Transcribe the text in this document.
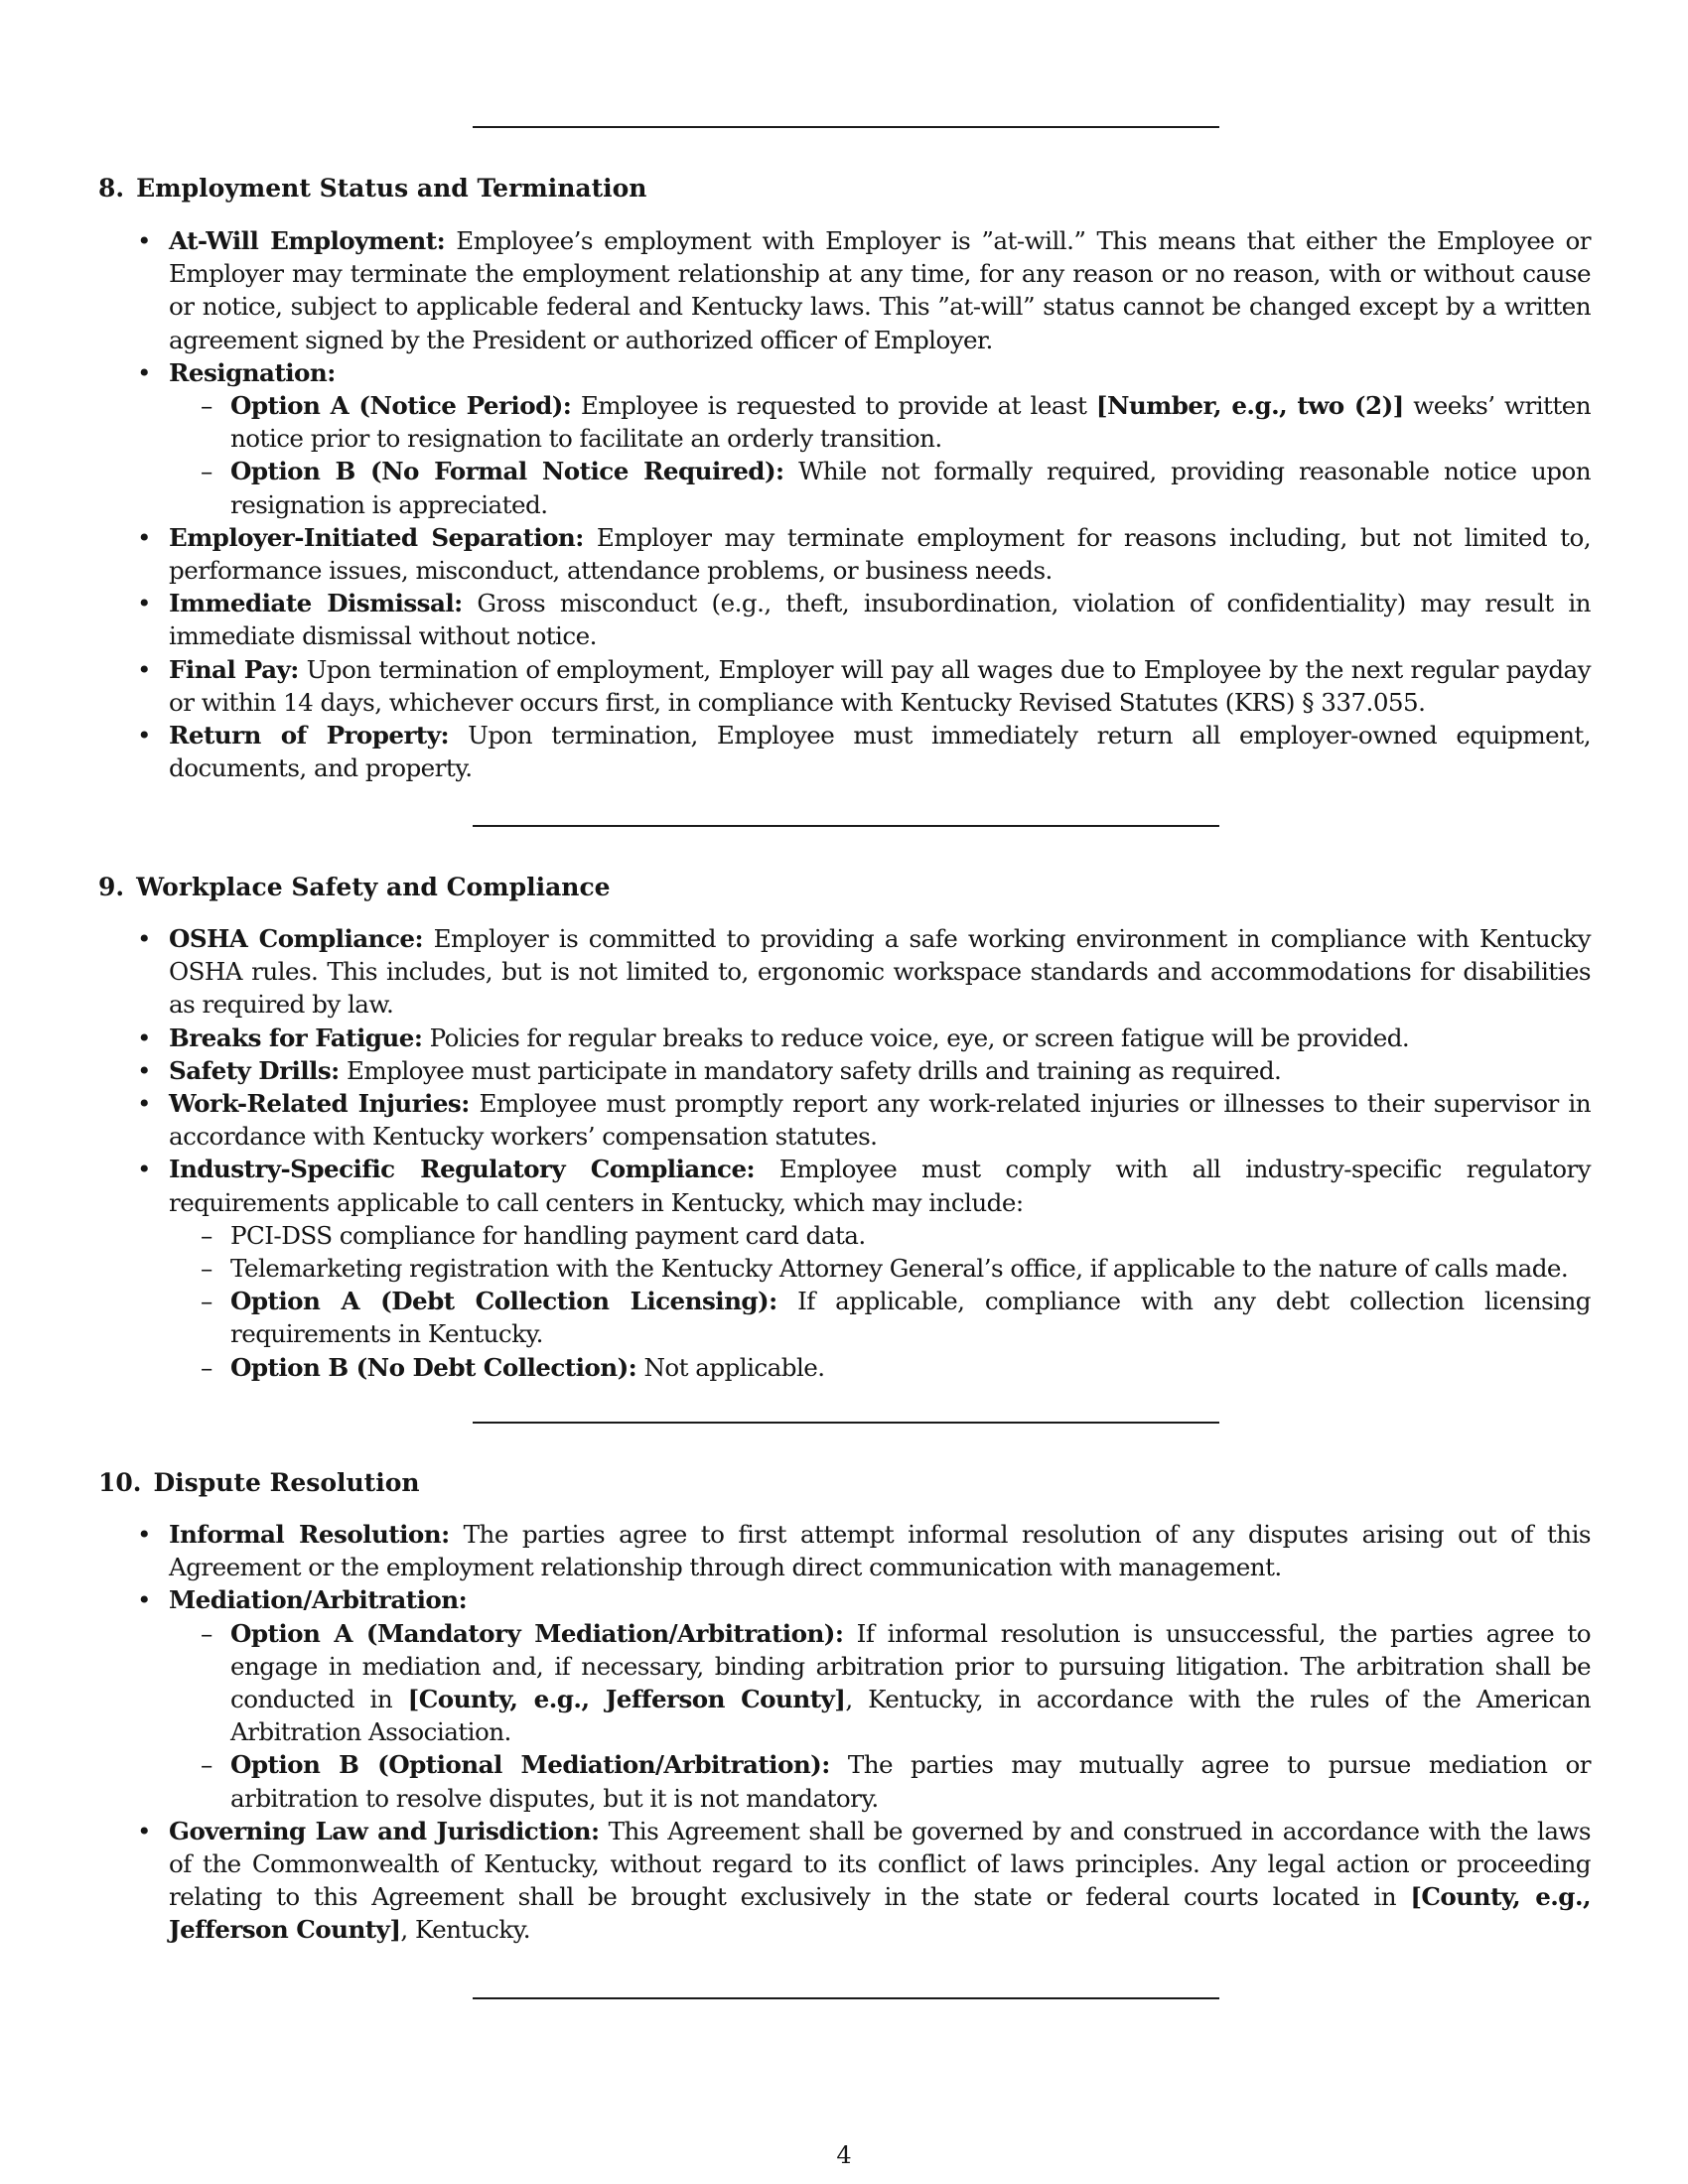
8. Employment Status and Termination
• At-Will Employment: Employee’s employment with Employer is ”at-will.” This means that either the Employee or Employer may terminate the employment relationship at any time, for any reason or no reason, with or without cause or notice, subject to applicable federal and Kentucky laws. This ”at-will” status cannot be changed except by a written agreement signed by the President or authorized officer of Employer.
• Resignation:
– Option A (Notice Period): Employee is requested to provide at least [Number, e.g., two (2)] weeks’ written notice prior to resignation to facilitate an orderly transition.
– Option B (No Formal Notice Required): While not formally required, providing reasonable notice upon resignation is appreciated.
• Employer-Initiated Separation: Employer may terminate employment for reasons including, but not limited to, performance issues, misconduct, attendance problems, or business needs.
• Immediate Dismissal: Gross misconduct (e.g., theft, insubordination, violation of confidentiality) may result in immediate dismissal without notice.
• Final Pay: Upon termination of employment, Employer will pay all wages due to Employee by the next regular payday or within 14 days, whichever occurs first, in compliance with Kentucky Revised Statutes (KRS) § 337.055.
• Return of Property: Upon termination, Employee must immediately return all employer-owned equipment, documents, and property.
9. Workplace Safety and Compliance
• OSHA Compliance: Employer is committed to providing a safe working environment in compliance with Kentucky OSHA rules. This includes, but is not limited to, ergonomic workspace standards and accommodations for disabilities as required by law.
• Breaks for Fatigue: Policies for regular breaks to reduce voice, eye, or screen fatigue will be provided.
• Safety Drills: Employee must participate in mandatory safety drills and training as required.
• Work-Related Injuries: Employee must promptly report any work-related injuries or illnesses to their supervisor in accordance with Kentucky workers’ compensation statutes.
• Industry-Specific Regulatory Compliance: Employee must comply with all industry-specific regulatory requirements applicable to call centers in Kentucky, which may include:
– PCI-DSS compliance for handling payment card data.
– Telemarketing registration with the Kentucky Attorney General’s office, if applicable to the nature of calls made.
– Option A (Debt Collection Licensing): If applicable, compliance with any debt collection licensing requirements in Kentucky.
– Option B (No Debt Collection): Not applicable.
10. Dispute Resolution
• Informal Resolution: The parties agree to first attempt informal resolution of any disputes arising out of this Agreement or the employment relationship through direct communication with management.
• Mediation/Arbitration:
– Option A (Mandatory Mediation/Arbitration): If informal resolution is unsuccessful, the parties agree to engage in mediation and, if necessary, binding arbitration prior to pursuing litigation. The arbitration shall be conducted in [County, e.g., Jefferson County], Kentucky, in accordance with the rules of the American Arbitration Association.
– Option B (Optional Mediation/Arbitration): The parties may mutually agree to pursue mediation or arbitration to resolve disputes, but it is not mandatory.
• Governing Law and Jurisdiction: This Agreement shall be governed by and construed in accordance with the laws of the Commonwealth of Kentucky, without regard to its conflict of laws principles. Any legal action or proceeding relating to this Agreement shall be brought exclusively in the state or federal courts located in [County, e.g., Jefferson County], Kentucky.
4
